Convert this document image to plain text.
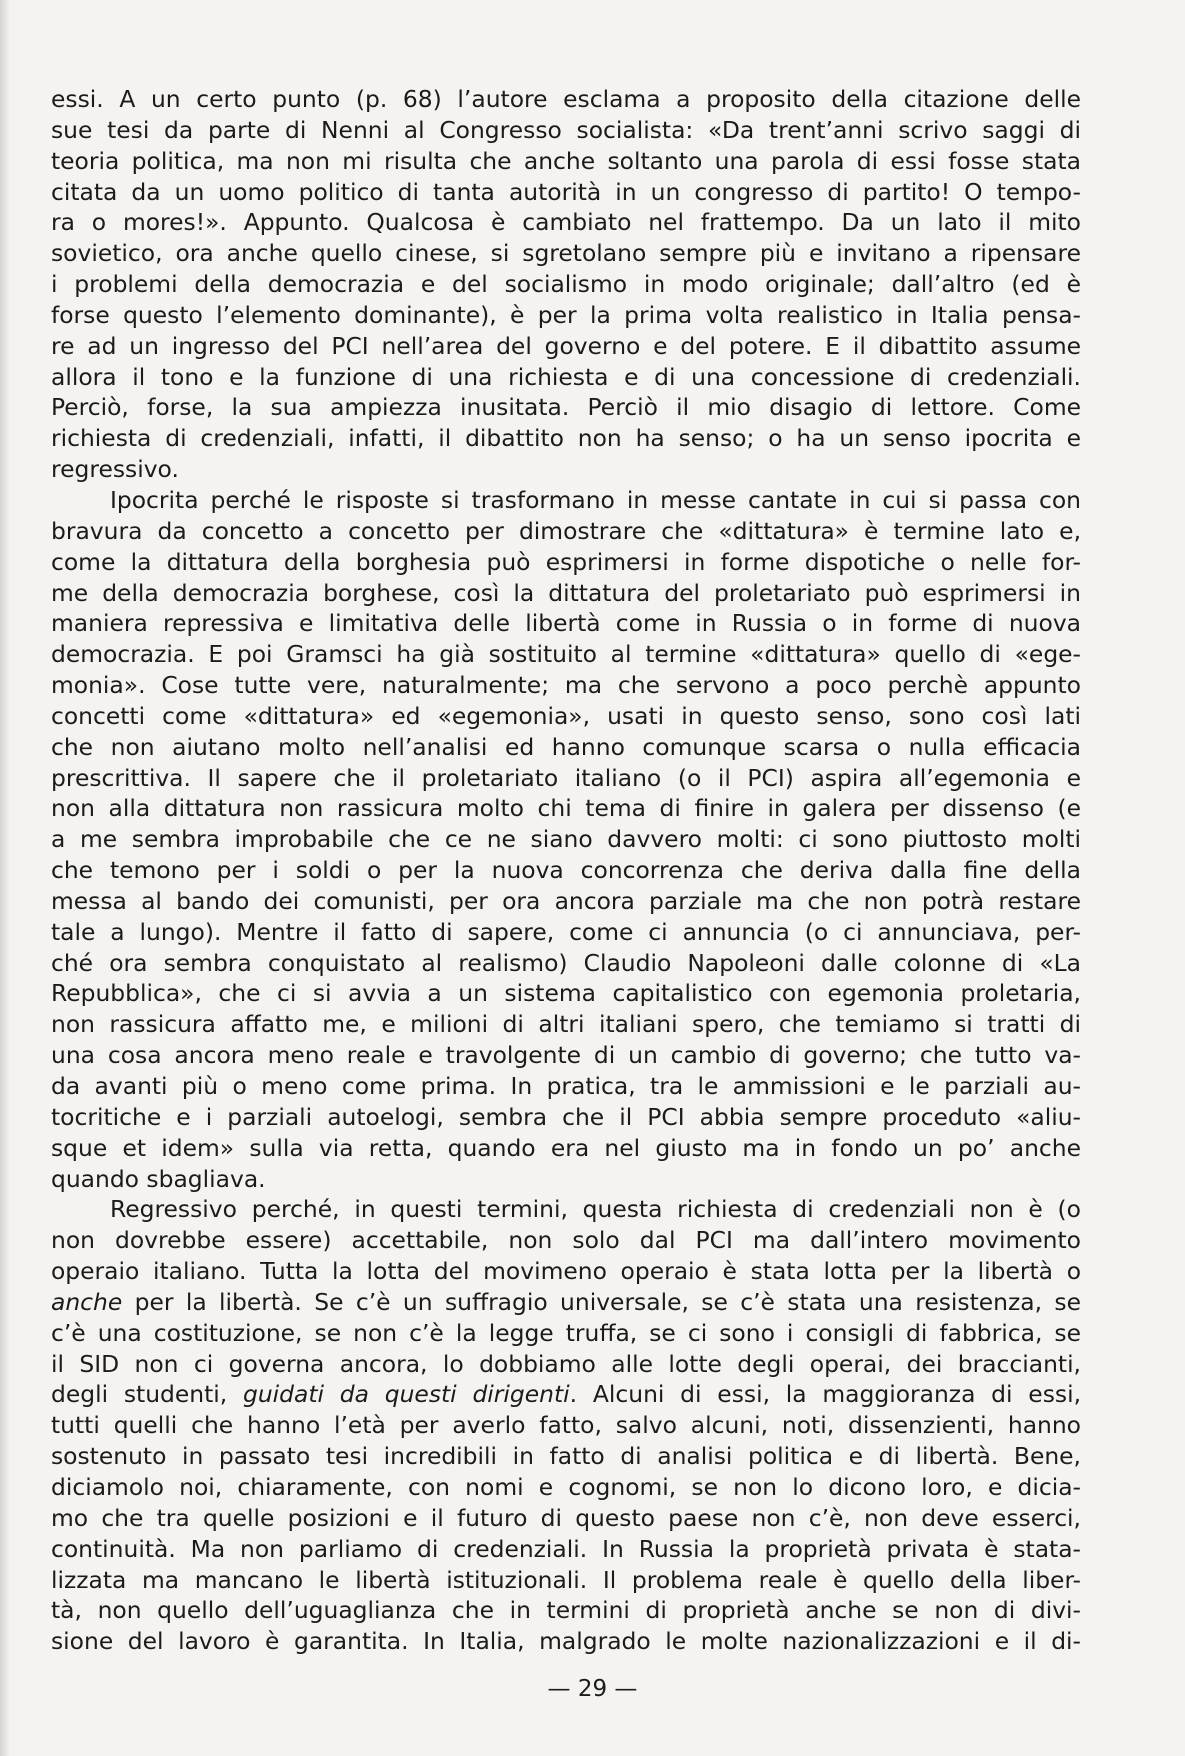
essi. A un certo punto (p. 68) l’autore esclama a proposito della citazione delle
sue tesi da parte di Nenni al Congresso socialista: «Da trent’anni scrivo saggi di
teoria politica, ma non mi risulta che anche soltanto una parola di essi fosse stata
citata da un uomo politico di tanta autorità in un congresso di partito! O tempo-
ra o mores!». Appunto. Qualcosa è cambiato nel frattempo. Da un lato il mito
sovietico, ora anche quello cinese, si sgretolano sempre più e invitano a ripensare
i problemi della democrazia e del socialismo in modo originale; dall’altro (ed è
forse questo l’elemento dominante), è per la prima volta realistico in Italia pensa-
re ad un ingresso del PCI nell’area del governo e del potere. E il dibattito assume
allora il tono e la funzione di una richiesta e di una concessione di credenziali.
Perciò, forse, la sua ampiezza inusitata. Perciò il mio disagio di lettore. Come
richiesta di credenziali, infatti, il dibattito non ha senso; o ha un senso ipocrita e
regressivo.
Ipocrita perché le risposte si trasformano in messe cantate in cui si passa con
bravura da concetto a concetto per dimostrare che «dittatura» è termine lato e,
come la dittatura della borghesia può esprimersi in forme dispotiche o nelle for-
me della democrazia borghese, così la dittatura del proletariato può esprimersi in
maniera repressiva e limitativa delle libertà come in Russia o in forme di nuova
democrazia. E poi Gramsci ha già sostituito al termine «dittatura» quello di «ege-
monia». Cose tutte vere, naturalmente; ma che servono a poco perchè appunto
concetti come «dittatura» ed «egemonia», usati in questo senso, sono così lati
che non aiutano molto nell’analisi ed hanno comunque scarsa o nulla efficacia
prescrittiva. Il sapere che il proletariato italiano (o il PCI) aspira all’egemonia e
non alla dittatura non rassicura molto chi tema di finire in galera per dissenso (e
a me sembra improbabile che ce ne siano davvero molti: ci sono piuttosto molti
che temono per i soldi o per la nuova concorrenza che deriva dalla fine della
messa al bando dei comunisti, per ora ancora parziale ma che non potrà restare
tale a lungo). Mentre il fatto di sapere, come ci annuncia (o ci annunciava, per-
ché ora sembra conquistato al realismo) Claudio Napoleoni dalle colonne di «La
Repubblica», che ci si avvia a un sistema capitalistico con egemonia proletaria,
non rassicura affatto me, e milioni di altri italiani spero, che temiamo si tratti di
una cosa ancora meno reale e travolgente di un cambio di governo; che tutto va-
da avanti più o meno come prima. In pratica, tra le ammissioni e le parziali au-
tocritiche e i parziali autoelogi, sembra che il PCI abbia sempre proceduto «aliu-
sque et idem» sulla via retta, quando era nel giusto ma in fondo un po’ anche
quando sbagliava.
Regressivo perché, in questi termini, questa richiesta di credenziali non è (o
non dovrebbe essere) accettabile, non solo dal PCI ma dall’intero movimento
operaio italiano. Tutta la lotta del movimeno operaio è stata lotta per la libertà o
anche per la libertà. Se c’è un suffragio universale, se c’è stata una resistenza, se
c’è una costituzione, se non c’è la legge truffa, se ci sono i consigli di fabbrica, se
il SID non ci governa ancora, lo dobbiamo alle lotte degli operai, dei braccianti,
degli studenti, guidati da questi dirigenti. Alcuni di essi, la maggioranza di essi,
tutti quelli che hanno l’età per averlo fatto, salvo alcuni, noti, dissenzienti, hanno
sostenuto in passato tesi incredibili in fatto di analisi politica e di libertà. Bene,
diciamolo noi, chiaramente, con nomi e cognomi, se non lo dicono loro, e dicia-
mo che tra quelle posizioni e il futuro di questo paese non c’è, non deve esserci,
continuità. Ma non parliamo di credenziali. In Russia la proprietà privata è stata-
lizzata ma mancano le libertà istituzionali. Il problema reale è quello della liber-
tà, non quello dell’uguaglianza che in termini di proprietà anche se non di divi-
sione del lavoro è garantita. In Italia, malgrado le molte nazionalizzazioni e il di-
— 29 —
